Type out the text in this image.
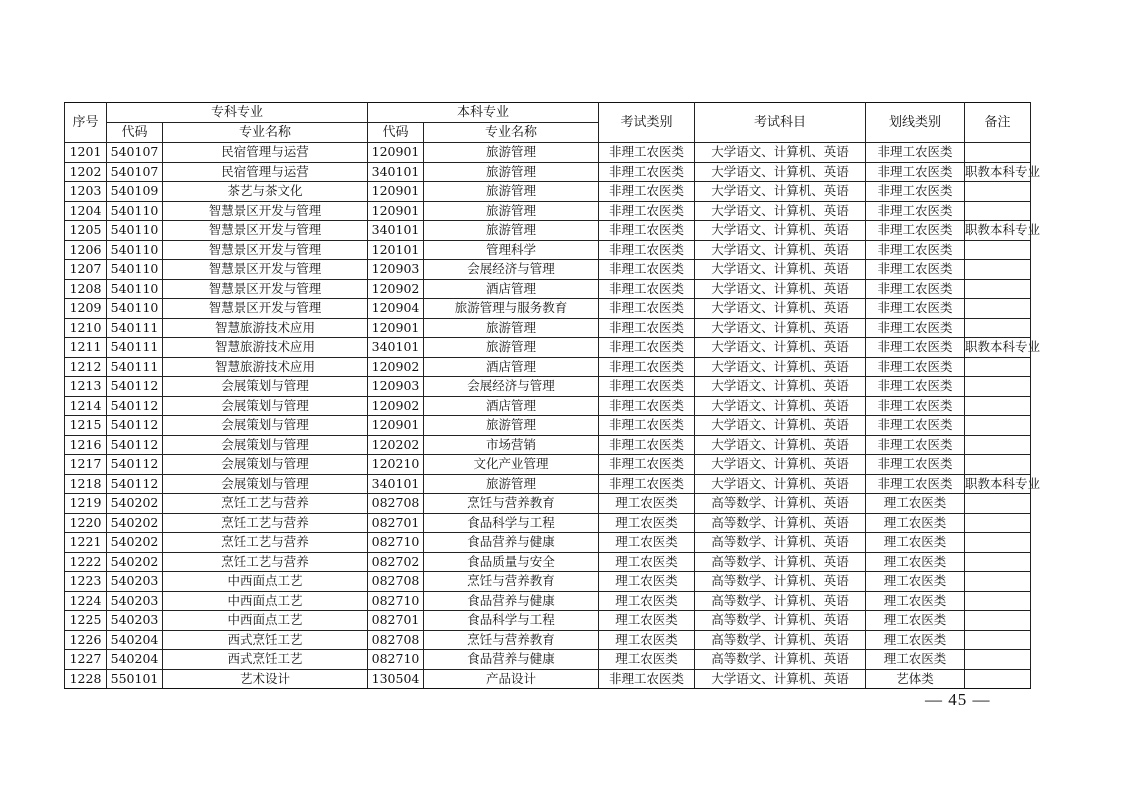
序号	专科专业		本科专业		考试类别	考试科目	划线类别	备注
	代码	专业名称	代码	专业名称				
1201	540107	民宿管理与运营	120901	旅游管理	非理工农医类	大学语文、计算机、英语	非理工农医类	
1202	540107	民宿管理与运营	340101	旅游管理	非理工农医类	大学语文、计算机、英语	非理工农医类	职教本科专业
1203	540109	茶艺与茶文化	120901	旅游管理	非理工农医类	大学语文、计算机、英语	非理工农医类	
1204	540110	智慧景区开发与管理	120901	旅游管理	非理工农医类	大学语文、计算机、英语	非理工农医类	
1205	540110	智慧景区开发与管理	340101	旅游管理	非理工农医类	大学语文、计算机、英语	非理工农医类	职教本科专业
1206	540110	智慧景区开发与管理	120101	管理科学	非理工农医类	大学语文、计算机、英语	非理工农医类	
1207	540110	智慧景区开发与管理	120903	会展经济与管理	非理工农医类	大学语文、计算机、英语	非理工农医类	
1208	540110	智慧景区开发与管理	120902	酒店管理	非理工农医类	大学语文、计算机、英语	非理工农医类	
1209	540110	智慧景区开发与管理	120904	旅游管理与服务教育	非理工农医类	大学语文、计算机、英语	非理工农医类	
1210	540111	智慧旅游技术应用	120901	旅游管理	非理工农医类	大学语文、计算机、英语	非理工农医类	
1211	540111	智慧旅游技术应用	340101	旅游管理	非理工农医类	大学语文、计算机、英语	非理工农医类	职教本科专业
1212	540111	智慧旅游技术应用	120902	酒店管理	非理工农医类	大学语文、计算机、英语	非理工农医类	
1213	540112	会展策划与管理	120903	会展经济与管理	非理工农医类	大学语文、计算机、英语	非理工农医类	
1214	540112	会展策划与管理	120902	酒店管理	非理工农医类	大学语文、计算机、英语	非理工农医类	
1215	540112	会展策划与管理	120901	旅游管理	非理工农医类	大学语文、计算机、英语	非理工农医类	
1216	540112	会展策划与管理	120202	市场营销	非理工农医类	大学语文、计算机、英语	非理工农医类	
1217	540112	会展策划与管理	120210	文化产业管理	非理工农医类	大学语文、计算机、英语	非理工农医类	
1218	540112	会展策划与管理	340101	旅游管理	非理工农医类	大学语文、计算机、英语	非理工农医类	职教本科专业
1219	540202	烹饪工艺与营养	082708	烹饪与营养教育	理工农医类	高等数学、计算机、英语	理工农医类	
1220	540202	烹饪工艺与营养	082701	食品科学与工程	理工农医类	高等数学、计算机、英语	理工农医类	
1221	540202	烹饪工艺与营养	082710	食品营养与健康	理工农医类	高等数学、计算机、英语	理工农医类	
1222	540202	烹饪工艺与营养	082702	食品质量与安全	理工农医类	高等数学、计算机、英语	理工农医类	
1223	540203	中西面点工艺	082708	烹饪与营养教育	理工农医类	高等数学、计算机、英语	理工农医类	
1224	540203	中西面点工艺	082710	食品营养与健康	理工农医类	高等数学、计算机、英语	理工农医类	
1225	540203	中西面点工艺	082701	食品科学与工程	理工农医类	高等数学、计算机、英语	理工农医类	
1226	540204	西式烹饪工艺	082708	烹饪与营养教育	理工农医类	高等数学、计算机、英语	理工农医类	
1227	540204	西式烹饪工艺	082710	食品营养与健康	理工农医类	高等数学、计算机、英语	理工农医类	
1228	550101	艺术设计	130504	产品设计	非理工农医类	大学语文、计算机、英语	艺体类	
— 45 —
